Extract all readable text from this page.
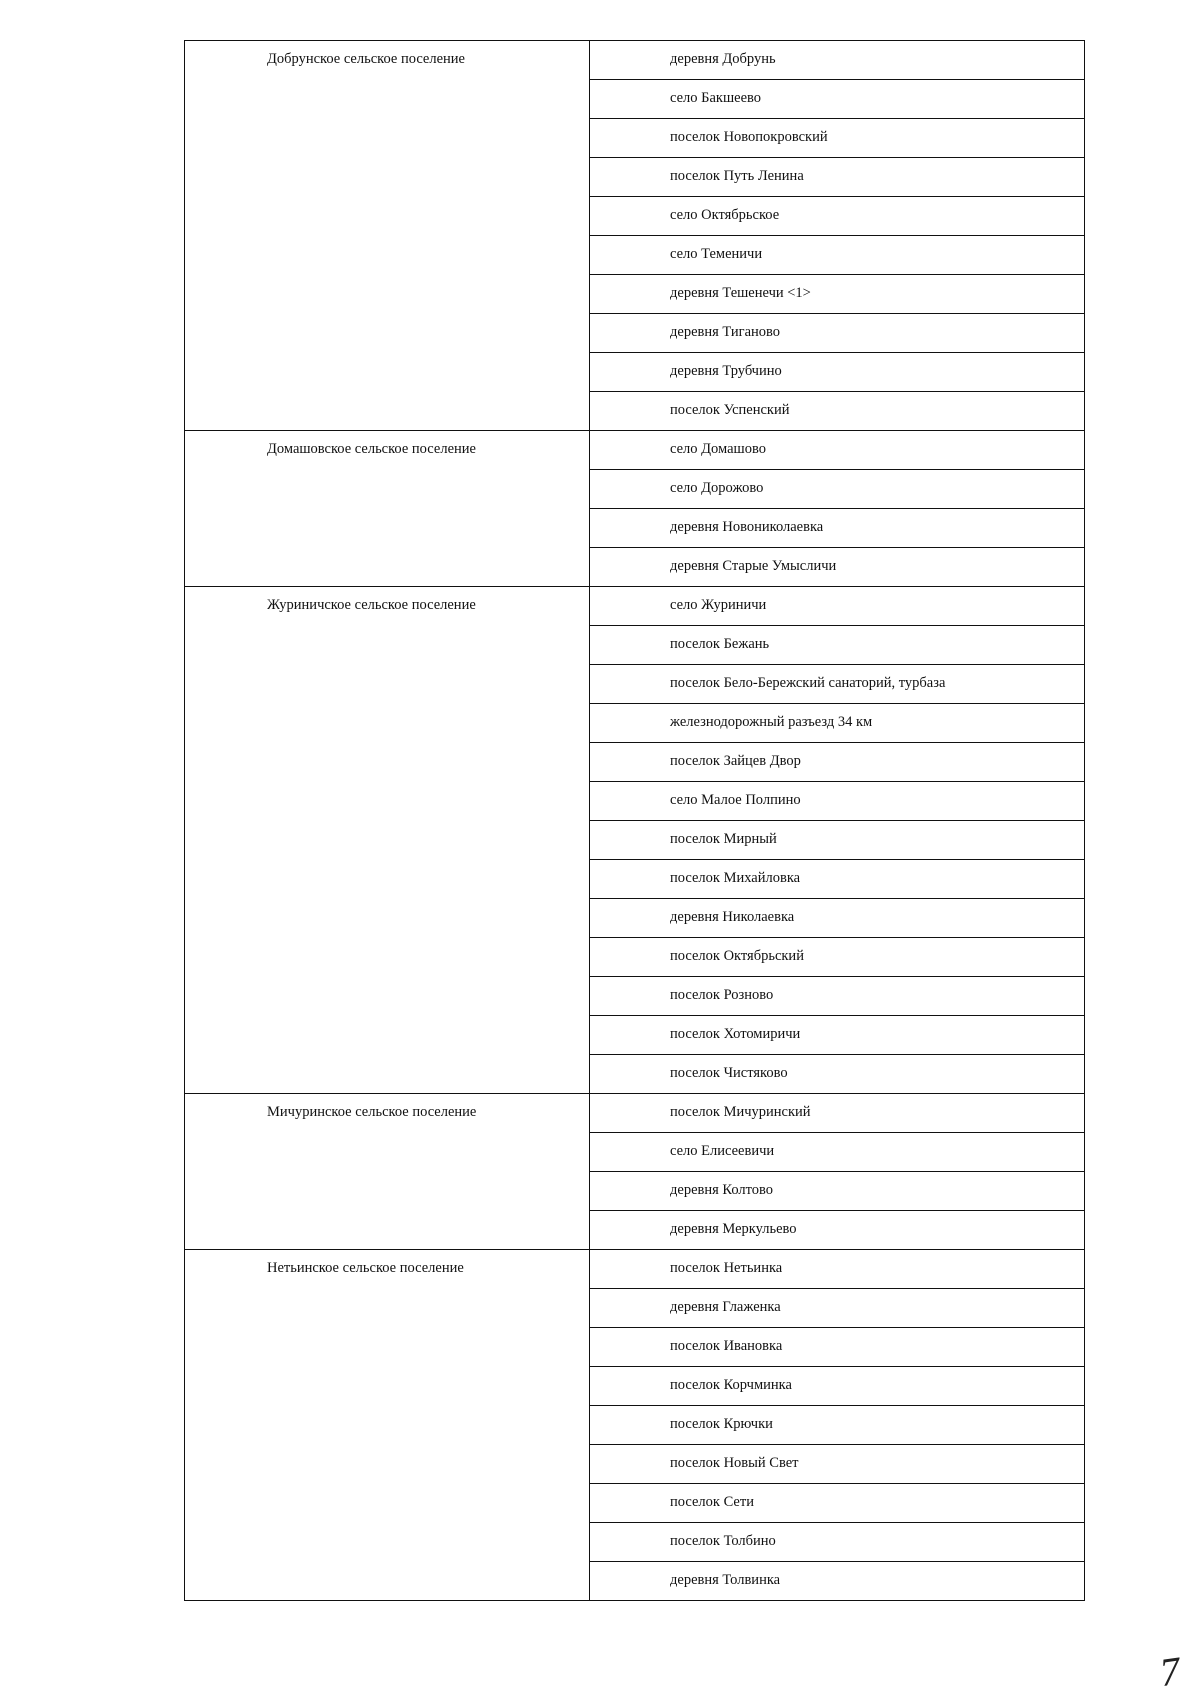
Добрунское сельское поселение	деревня Добрунь
	село Бакшеево
	поселок Новопокровский
	поселок Путь Ленина
	село Октябрьское
	село Теменичи
	деревня Тешенечи <1>
	деревня Тиганово
	деревня Трубчино
	поселок Успенский
Домашовское сельское поселение	село Домашово
	село Дорожово
	деревня Новониколаевка
	деревня Старые Умысличи
Журиничское сельское поселение	село Журиничи
	поселок Бежань
	поселок Бело-Бережский санаторий, турбаза
	железнодорожный разъезд 34 км
	поселок Зайцев Двор
	село Малое Полпино
	поселок Мирный
	поселок Михайловка
	деревня Николаевка
	поселок Октябрьский
	поселок Рознoво
	поселок Хотомиричи
	поселок Чистяково
Мичуринское сельское поселение	поселок Мичуринский
	село Елисеевичи
	деревня Колтово
	деревня Меркульево
Нетьинское сельское поселение	поселок Нетьинка
	деревня Глаженка
	поселок Ивановка
	поселок Корчминка
	поселок Крючки
	поселок Новый Свет
	поселок Сети
	поселок Толбино
	деревня Толвинка
7
